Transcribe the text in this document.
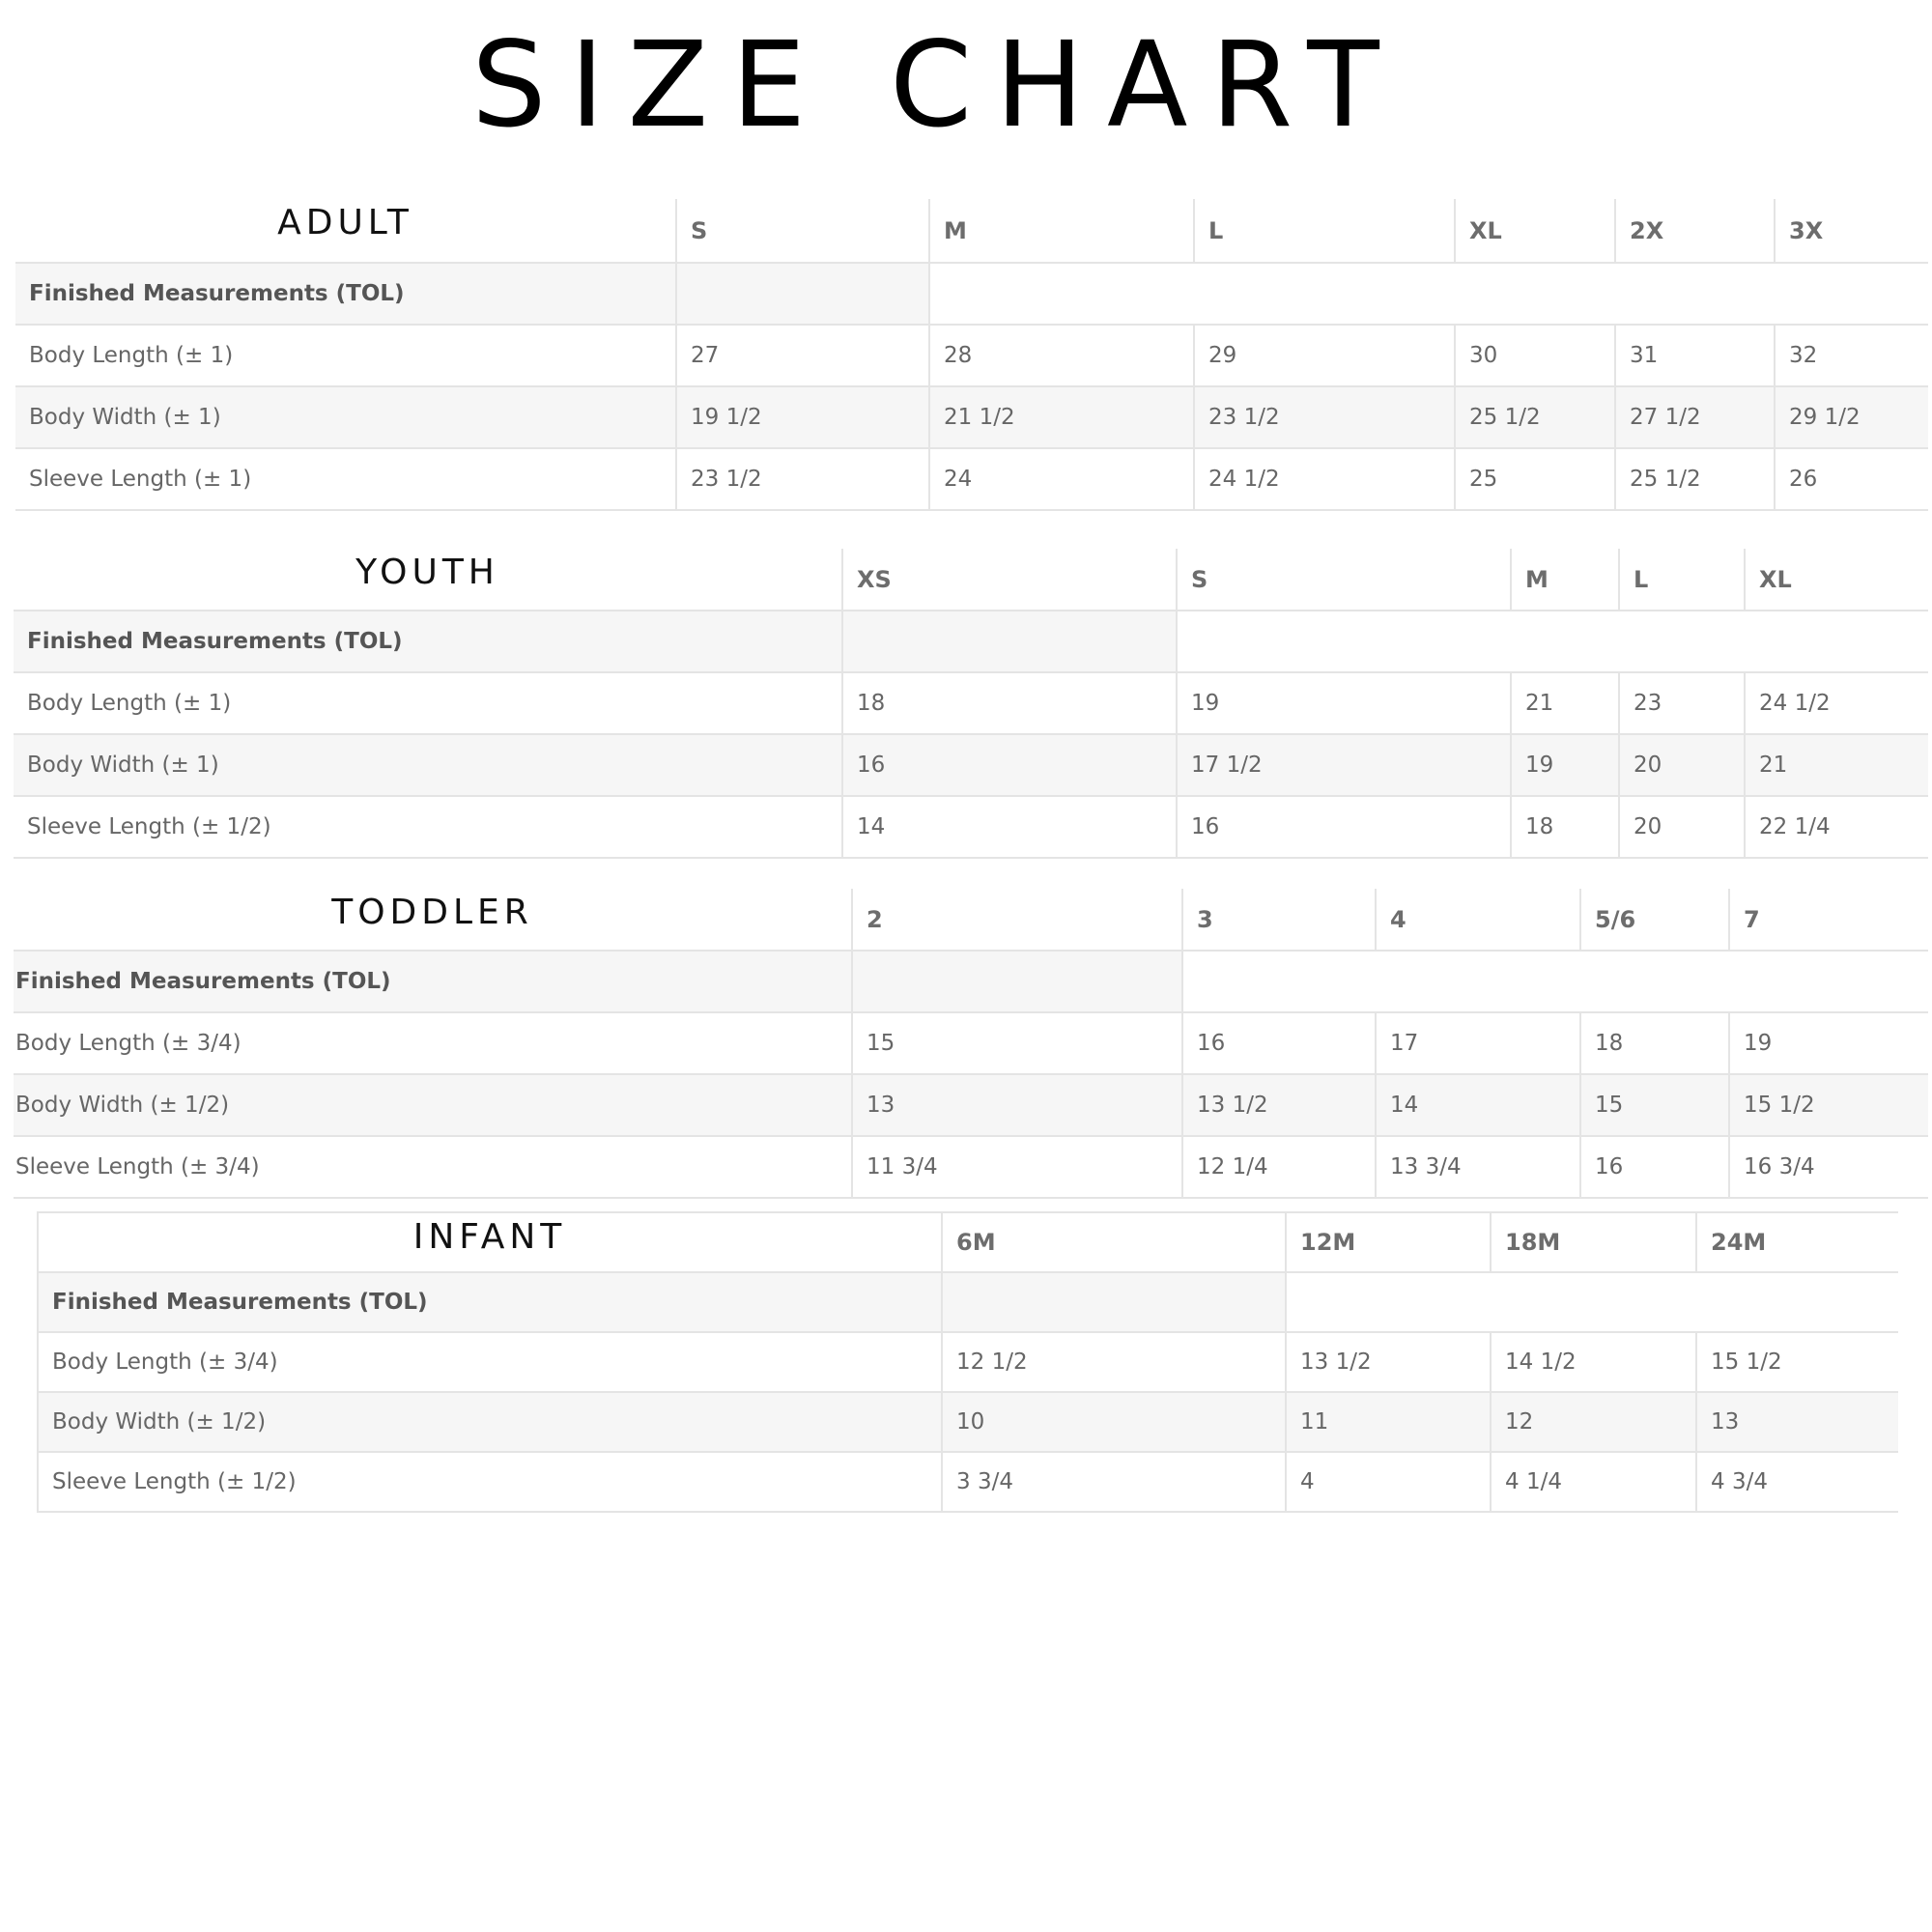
SIZE CHART
ADULT	S	M	L	XL	2X	3X
Finished Measurements (TOL)						
Body Length (± 1)	27	28	29	30	31	32
Body Width (± 1)	19 1/2	21 1/2	23 1/2	25 1/2	27 1/2	29 1/2
Sleeve Length (± 1)	23 1/2	24	24 1/2	25	25 1/2	26
YOUTH	XS	S	M	L	XL
Finished Measurements (TOL)					
Body Length (± 1)	18	19	21	23	24 1/2
Body Width (± 1)	16	17 1/2	19	20	21
Sleeve Length (± 1/2)	14	16	18	20	22 1/4
TODDLER	2	3	4	5/6	7
Finished Measurements (TOL)					
Body Length (± 3/4)	15	16	17	18	19
Body Width (± 1/2)	13	13 1/2	14	15	15 1/2
Sleeve Length (± 3/4)	11 3/4	12 1/4	13 3/4	16	16 3/4
INFANT	6M	12M	18M	24M
Finished Measurements (TOL)				
Body Length (± 3/4)	12 1/2	13 1/2	14 1/2	15 1/2
Body Width (± 1/2)	10	11	12	13
Sleeve Length (± 1/2)	3 3/4	4	4 1/4	4 3/4
